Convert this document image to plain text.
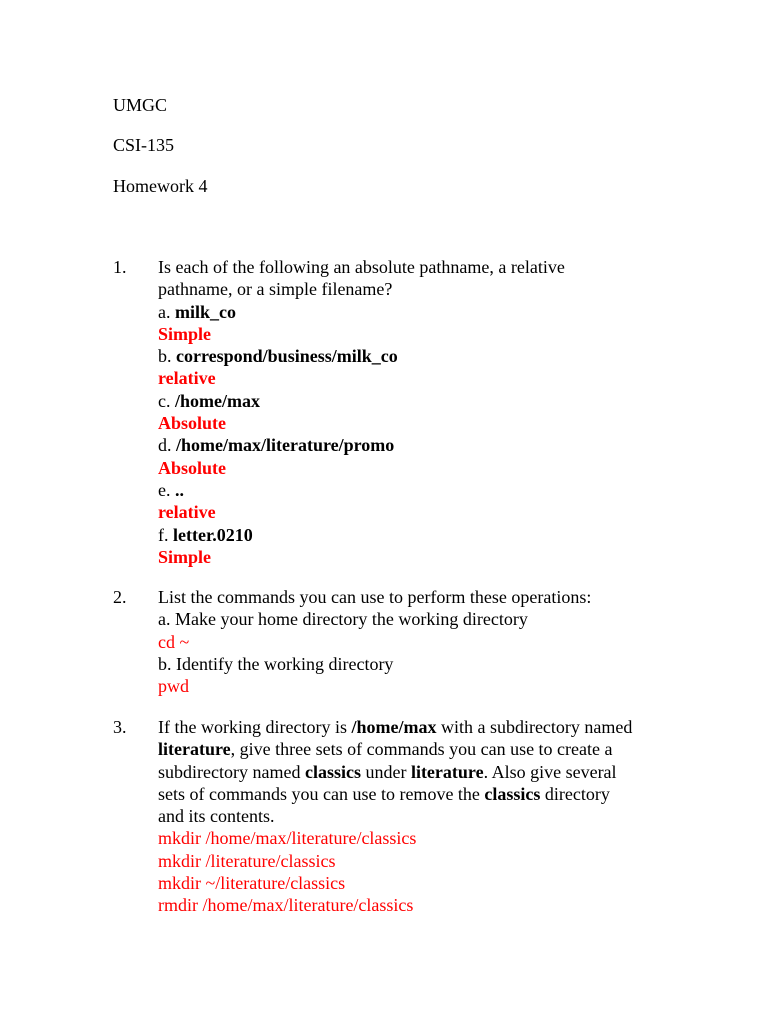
UMGC
CSI-135
Homework 4
1. Is each of the following an absolute pathname, a relative
pathname, or a simple filename?
a. milk_co
Simple
b. correspond/business/milk_co
relative
c. /home/max
Absolute
d. /home/max/literature/promo
Absolute
e. ..
relative
f. letter.0210
Simple
2. List the commands you can use to perform these operations:
a. Make your home directory the working directory
cd ~
b. Identify the working directory
pwd
3. If the working directory is /home/max with a subdirectory named
literature, give three sets of commands you can use to create a
subdirectory named classics under literature. Also give several
sets of commands you can use to remove the classics directory
and its contents.
mkdir /home/max/literature/classics
mkdir /literature/classics
mkdir ~/literature/classics
rmdir /home/max/literature/classics
